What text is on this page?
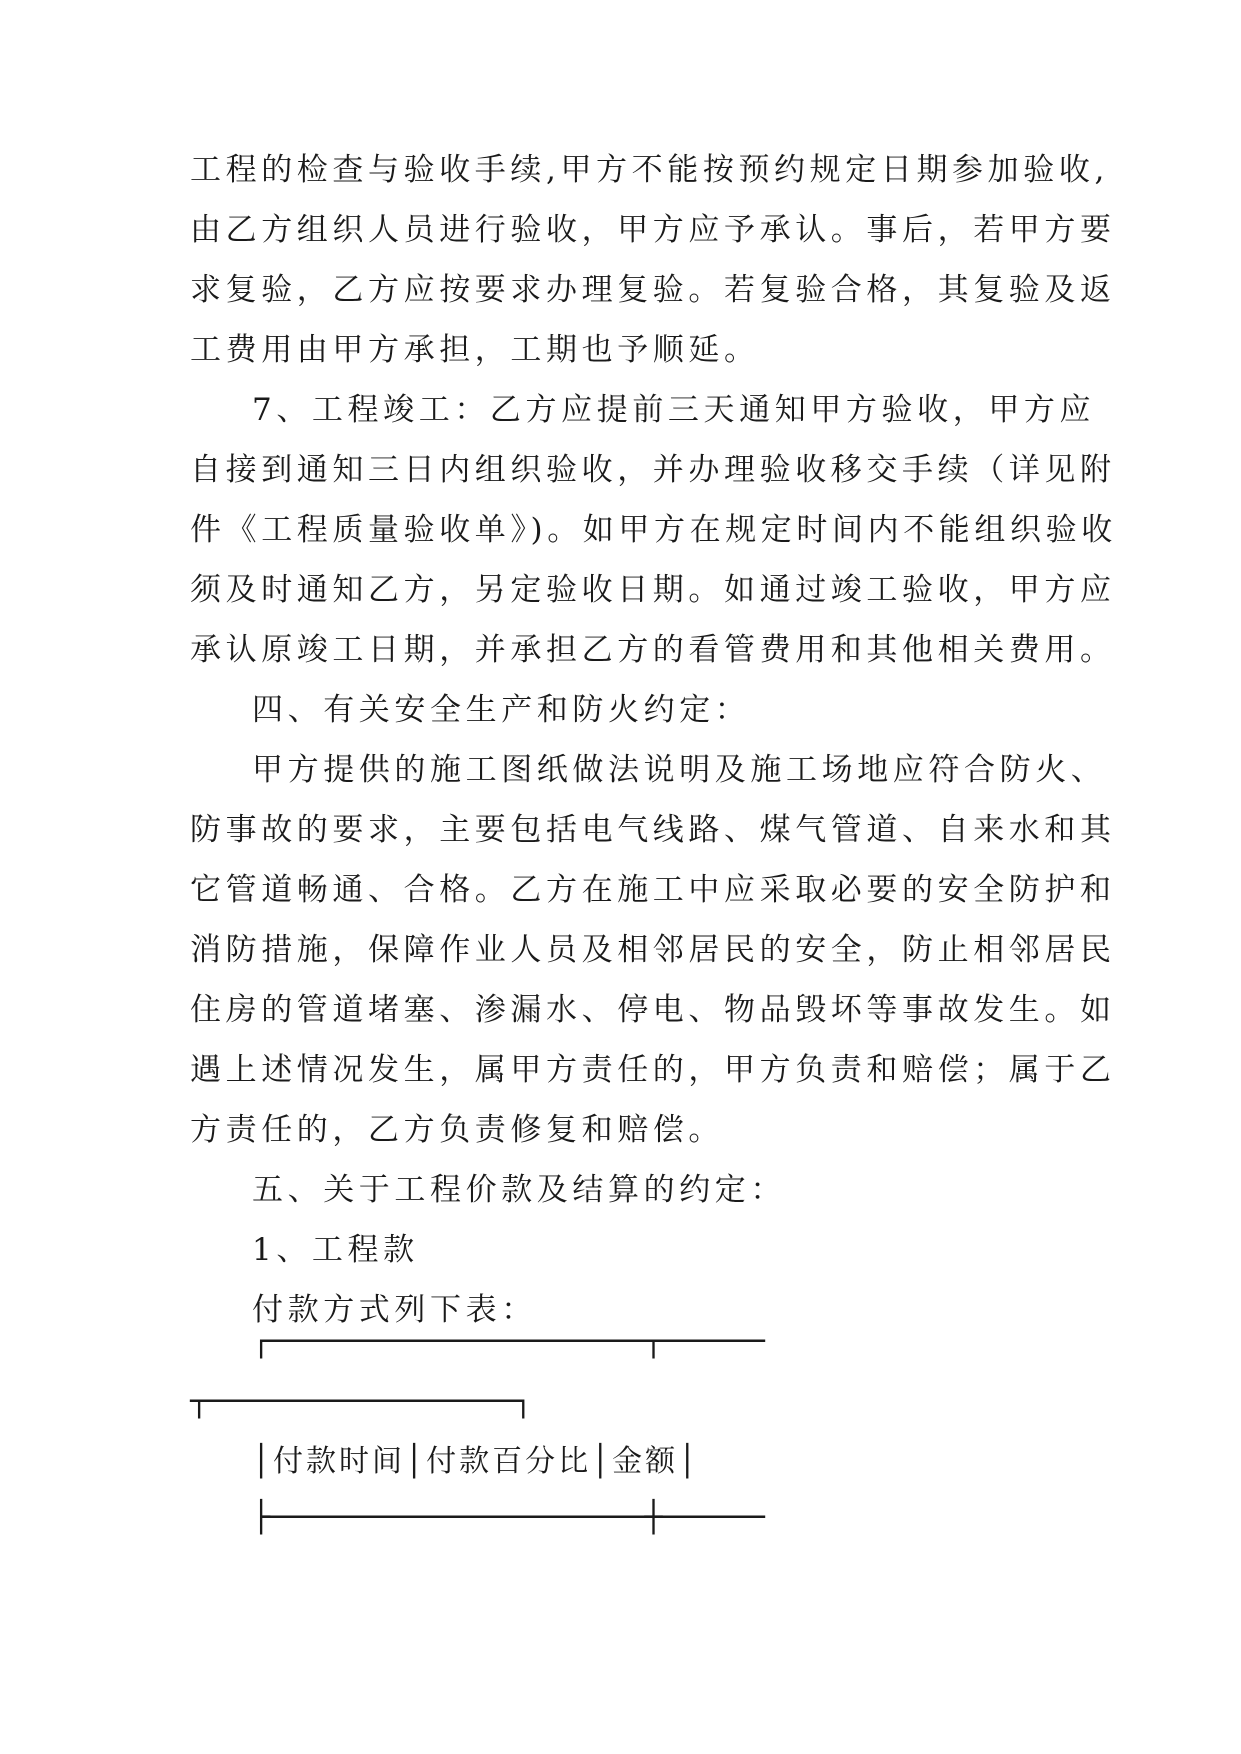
工程的检查与验收手续,甲方不能按预约规定日期参加验收,
由乙方组织人员进行验收，甲方应予承认。事后，若甲方要
求复验，乙方应按要求办理复验。若复验合格，其复验及返
工费用由甲方承担，工期也予顺延。
7、工程竣工：乙方应提前三天通知甲方验收，甲方应
自接到通知三日内组织验收，并办理验收移交手续（详见附
件《工程质量验收单》)。如甲方在规定时间内不能组织验收
须及时通知乙方，另定验收日期。如通过竣工验收，甲方应
承认原竣工日期，并承担乙方的看管费用和其他相关费用。
四、有关安全生产和防火约定：
甲方提供的施工图纸做法说明及施工场地应符合防火、
防事故的要求，主要包括电气线路、煤气管道、自来水和其
它管道畅通、合格。乙方在施工中应采取必要的安全防护和
消防措施，保障作业人员及相邻居民的安全，防止相邻居民
住房的管道堵塞、渗漏水、停电、物品毁坏等事故发生。如
遇上述情况发生，属甲方责任的，甲方负责和赔偿；属于乙
方责任的，乙方负责修复和赔偿。
五、关于工程价款及结算的约定：
1、工程款
付款方式列下表：
┌──────────────────────┬──────
┬──────────────────┐
│付款时间│付款百分比│金额│
├──────────────────────┼──────
